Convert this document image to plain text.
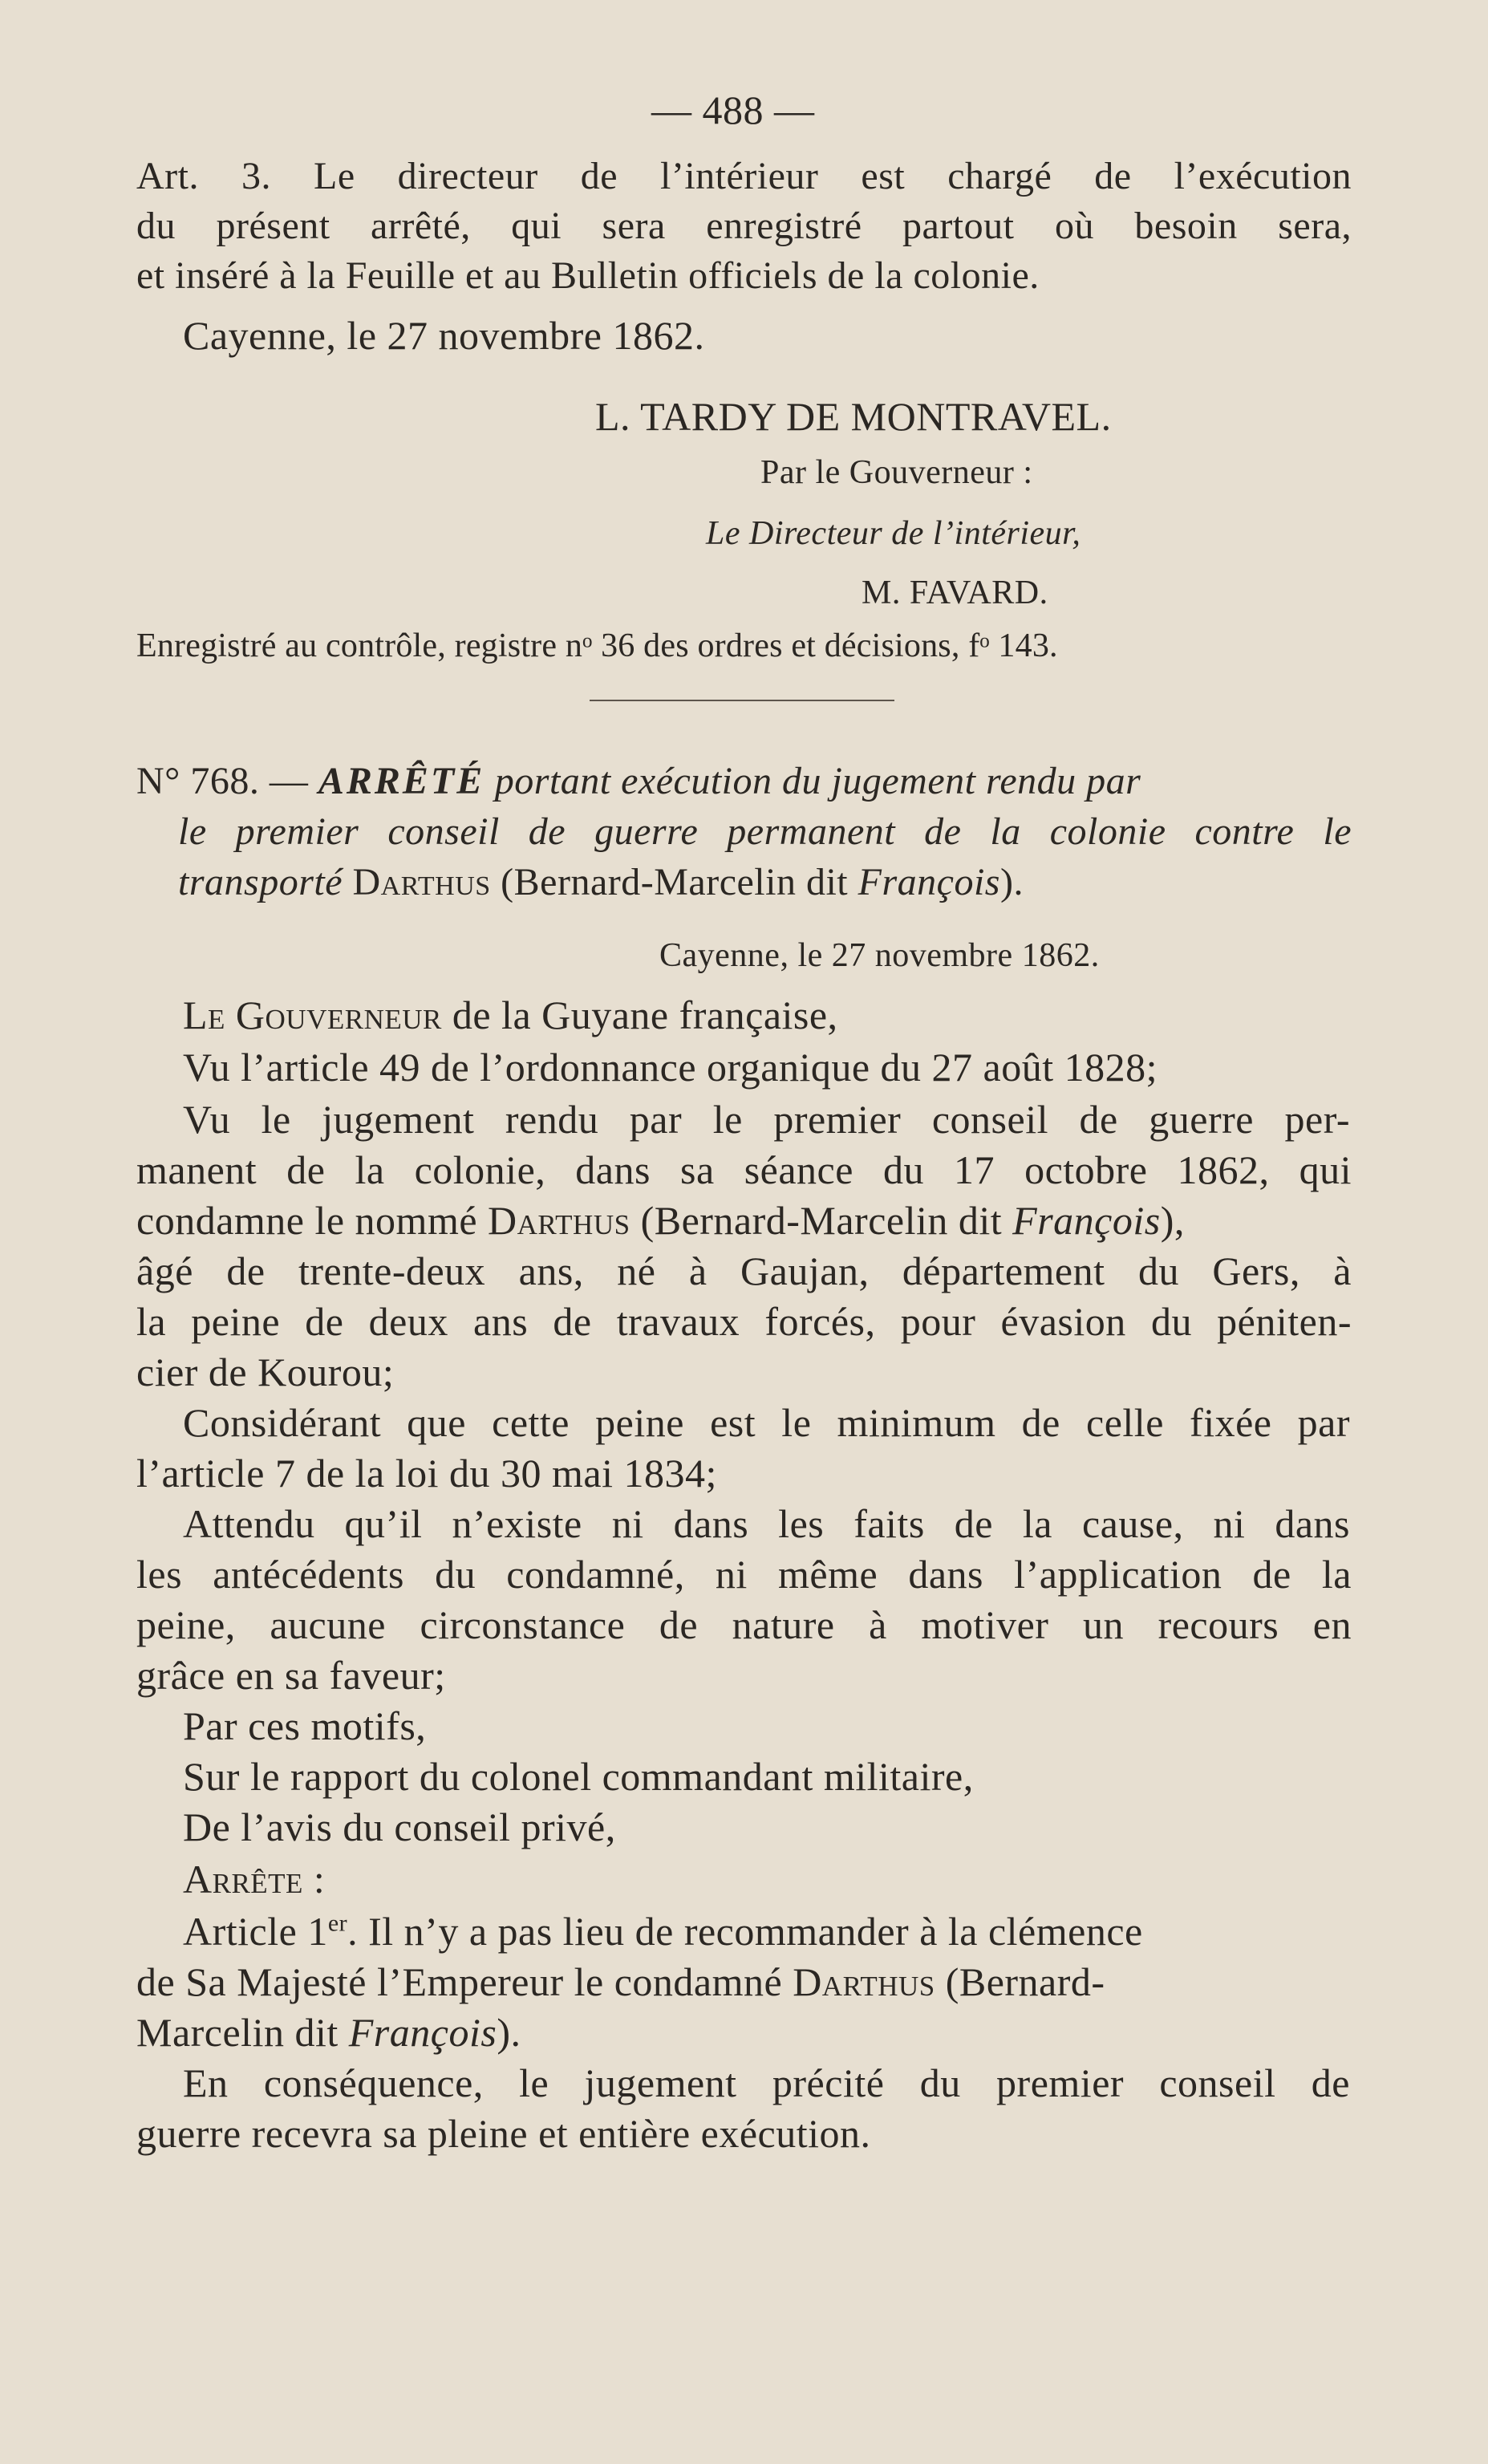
— 488 —
Art. 3. Le directeur de l’intérieur est chargé de l’exécution
du présent arrêté, qui sera enregistré partout où besoin sera,
et inséré à la Feuille et au Bulletin officiels de la colonie.
Cayenne, le 27 novembre 1862.
L. TARDY DE MONTRAVEL.
Par le Gouverneur :
Le Directeur de l’intérieur,
M. FAVARD.
Enregistré au contrôle, registre nᵒ 36 des ordres et décisions, fᵒ 143.
N° 768. — ARRÊTÉ portant exécution du jugement rendu par
le premier conseil de guerre permanent de la colonie contre le
transporté Darthus (Bernard-Marcelin dit François).
Cayenne, le 27 novembre 1862.
Le Gouverneur de la Guyane française,
Vu l’article 49 de l’ordonnance organique du 27 août 1828;
Vu le jugement rendu par le premier conseil de guerre per-
manent de la colonie, dans sa séance du 17 octobre 1862, qui
condamne le nommé Darthus (Bernard-Marcelin dit François),
âgé de trente-deux ans, né à Gaujan, département du Gers, à
la peine de deux ans de travaux forcés, pour évasion du péniten-
cier de Kourou;
Considérant que cette peine est le minimum de celle fixée par
l’article 7 de la loi du 30 mai 1834;
Attendu qu’il n’existe ni dans les faits de la cause, ni dans
les antécédents du condamné, ni même dans l’application de la
peine, aucune circonstance de nature à motiver un recours en
grâce en sa faveur;
Par ces motifs,
Sur le rapport du colonel commandant militaire,
De l’avis du conseil privé,
Arrête :
Article 1er. Il n’y a pas lieu de recommander à la clémence
de Sa Majesté l’Empereur le condamné Darthus (Bernard-
Marcelin dit François).
En conséquence, le jugement précité du premier conseil de
guerre recevra sa pleine et entière exécution.
